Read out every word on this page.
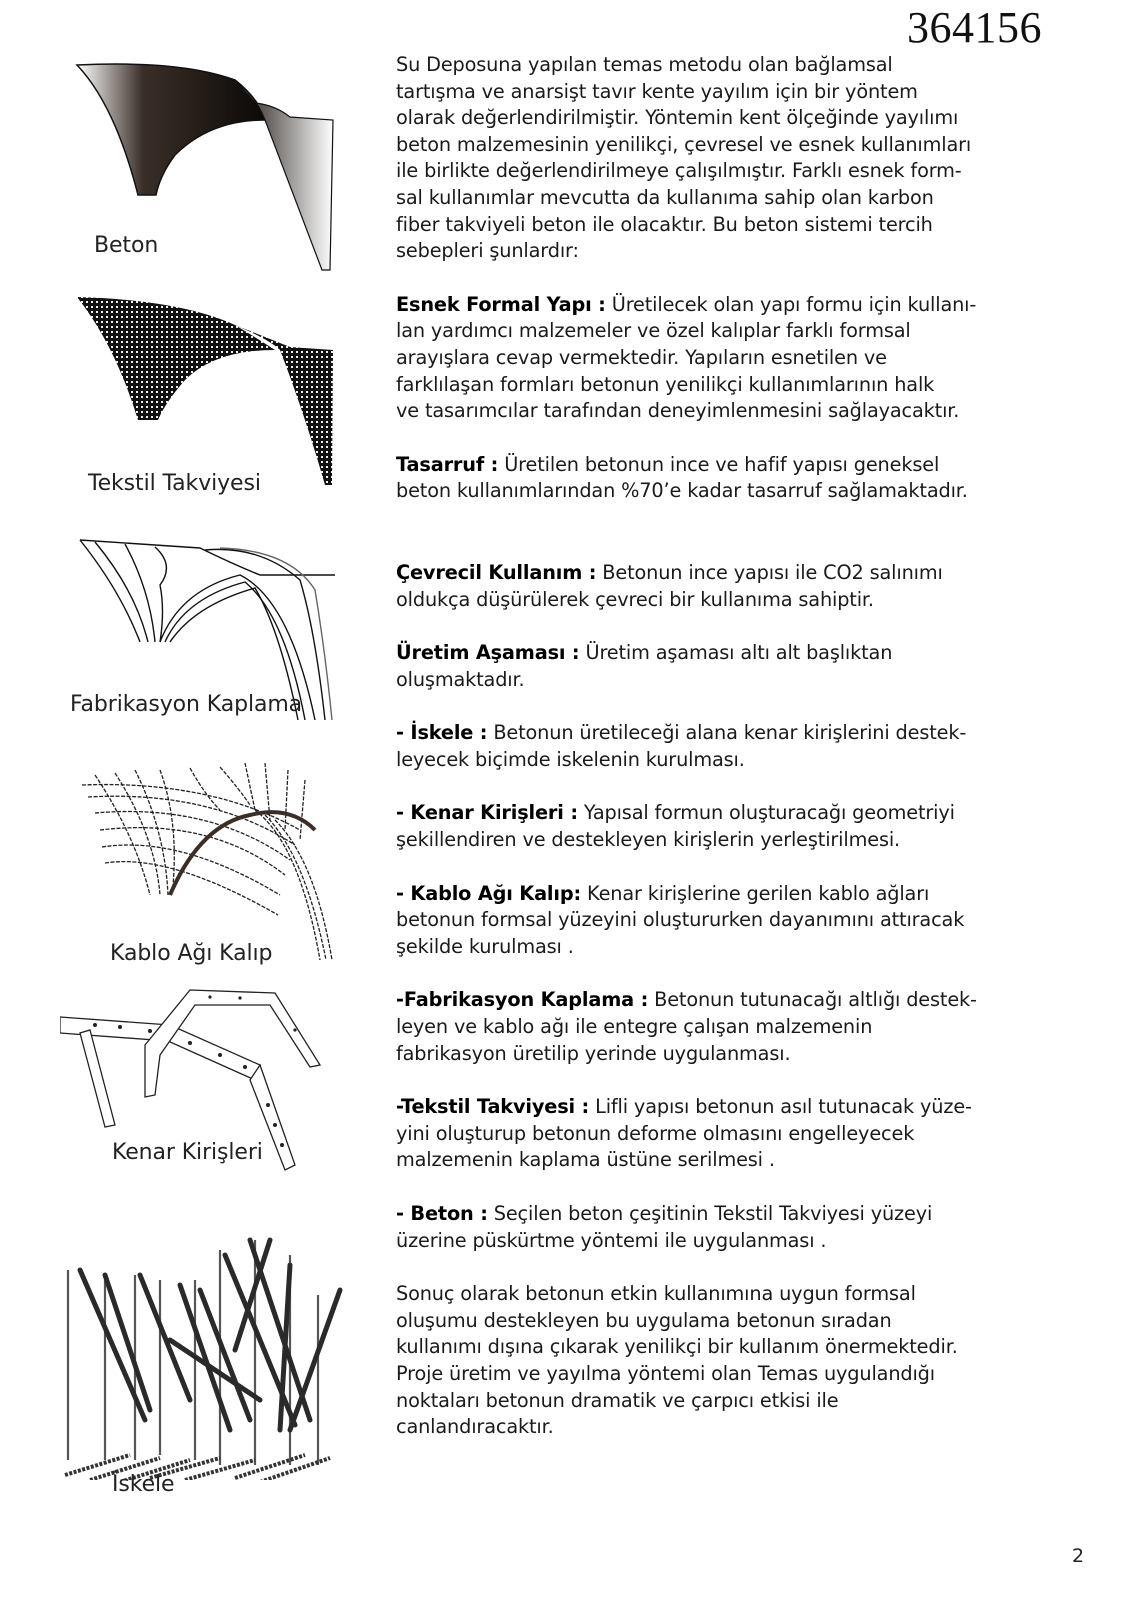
364156
Beton
Tekstil Takviyesi
Fabrikasyon Kaplama
Kablo Ağı Kalıp
Kenar Kirişleri
İskele

Su Deposuna yapılan temas metodu olan bağlamsal
tartışma ve anarsişt tavır kente yayılım için bir yöntem
olarak değerlendirilmiştir. Yöntemin kent ölçeğinde yayılımı
beton malzemesinin yenilikçi, çevresel ve esnek kullanımları
ile birlikte değerlendirilmeye çalışılmıştır. Farklı esnek form-
sal kullanımlar mevcutta da kullanıma sahip olan karbon
fiber takviyeli beton ile olacaktır. Bu beton sistemi tercih
sebepleri şunlardır:

Esnek Formal Yapı : Üretilecek olan yapı formu için kullanı-
lan yardımcı malzemeler ve özel kalıplar farklı formsal
arayışlara cevap vermektedir. Yapıların esnetilen ve
farklılaşan formları betonun yenilikçi kullanımlarının halk
ve tasarımcılar tarafından deneyimlenmesini sağlayacaktır.

Tasarruf : Üretilen betonun ince ve hafif yapısı geneksel
beton kullanımlarından %70’e kadar tasarruf sağlamaktadır.

Çevrecil Kullanım : Betonun ince yapısı ile CO2 salınımı
oldukça düşürülerek çevreci bir kullanıma sahiptir.

Üretim Aşaması : Üretim aşaması altı alt başlıktan
oluşmaktadır.

- İskele : Betonun üretileceği alana kenar kirişlerini destek-
leyecek biçimde iskelenin kurulması.

- Kenar Kirişleri : Yapısal formun oluşturacağı geometriyi
şekillendiren ve destekleyen kirişlerin yerleştirilmesi.

- Kablo Ağı Kalıp: Kenar kirişlerine gerilen kablo ağları
betonun formsal yüzeyini oluştururken dayanımını attıracak
şekilde kurulması .

-Fabrikasyon Kaplama : Betonun tutunacağı altlığı destek-
leyen ve kablo ağı ile entegre çalışan malzemenin
fabrikasyon üretilip yerinde uygulanması.

-Tekstil Takviyesi : Lifli yapısı betonun asıl tutunacak yüze-
yini oluşturup betonun deforme olmasını engelleyecek
malzemenin kaplama üstüne serilmesi .

- Beton : Seçilen beton çeşitinin Tekstil Takviyesi yüzeyi
üzerine püskürtme yöntemi ile uygulanması .

Sonuç olarak betonun etkin kullanımına uygun formsal
oluşumu destekleyen bu uygulama betonun sıradan
kullanımı dışına çıkarak yenilikçi bir kullanım önermektedir.
Proje üretim ve yayılma yöntemi olan Temas uygulandığı
noktaları betonun dramatik ve çarpıcı etkisi ile
canlandıracaktır.

2
